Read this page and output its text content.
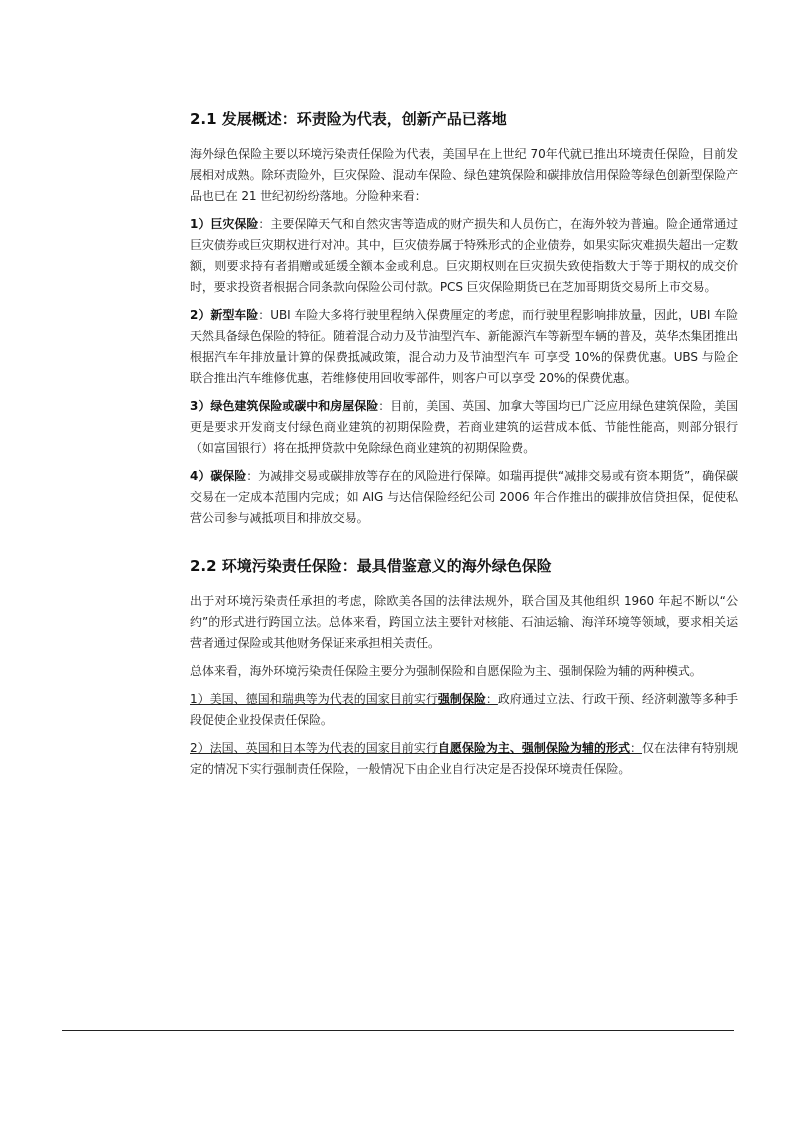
2.1 发展概述：环责险为代表，创新产品已落地

海外绿色保险主要以环境污染责任保险为代表，美国早在上世纪 70年代就已推出环境责任保险，目前发展相对成熟。除环责险外，巨灾保险、混动车保险、绿色建筑保险和碳排放信用保险等绿色创新型保险产品也已在 21 世纪初纷纷落地。分险种来看：

1）巨灾保险：主要保障天气和自然灾害等造成的财产损失和人员伤亡，在海外较为普遍。险企通常通过巨灾债券或巨灾期权进行对冲。其中，巨灾债券属于特殊形式的企业债券，如果实际灾难损失超出一定数额，则要求持有者捐赠或延缓全额本金或利息。巨灾期权则在巨灾损失致使指数大于等于期权的成交价时，要求投资者根据合同条款向保险公司付款。PCS 巨灾保险期货已在芝加哥期货交易所上市交易。

2）新型车险：UBI 车险大多将行驶里程纳入保费厘定的考虑，而行驶里程影响排放量，因此，UBI 车险天然具备绿色保险的特征。随着混合动力及节油型汽车、新能源汽车等新型车辆的普及，英华杰集团推出根据汽车年排放量计算的保费抵减政策，混合动力及节油型汽车 可享受 10%的保费优惠。UBS 与险企联合推出汽车维修优惠，若维修使用回收零部件，则客户可以享受 20%的保费优惠。

3）绿色建筑保险或碳中和房屋保险：目前，美国、英国、加拿大等国均已广泛应用绿色建筑保险，美国更是要求开发商支付绿色商业建筑的初期保险费，若商业建筑的运营成本低、节能性能高，则部分银行（如富国银行）将在抵押贷款中免除绿色商业建筑的初期保险费。

4）碳保险：为减排交易或碳排放等存在的风险进行保障。如瑞再提供“减排交易或有资本期货”，确保碳交易在一定成本范围内完成；如 AIG 与达信保险经纪公司 2006 年合作推出的碳排放信贷担保，促使私营公司参与减抵项目和排放交易。

2.2 环境污染责任保险：最具借鉴意义的海外绿色保险

出于对环境污染责任承担的考虑，除欧美各国的法律法规外，联合国及其他组织 1960 年起不断以“公约”的形式进行跨国立法。总体来看，跨国立法主要针对核能、石油运输、海洋环境等领域，要求相关运营者通过保险或其他财务保证来承担相关责任。

总体来看，海外环境污染责任保险主要分为强制保险和自愿保险为主、强制保险为辅的两种模式。

1）美国、德国和瑞典等为代表的国家目前实行强制保险：政府通过立法、行政干预、经济刺激等多种手段促使企业投保责任保险。

2）法国、英国和日本等为代表的国家目前实行自愿保险为主、强制保险为辅的形式：仅在法律有特别规定的情况下实行强制责任保险，一般情况下由企业自行决定是否投保环境责任保险。
